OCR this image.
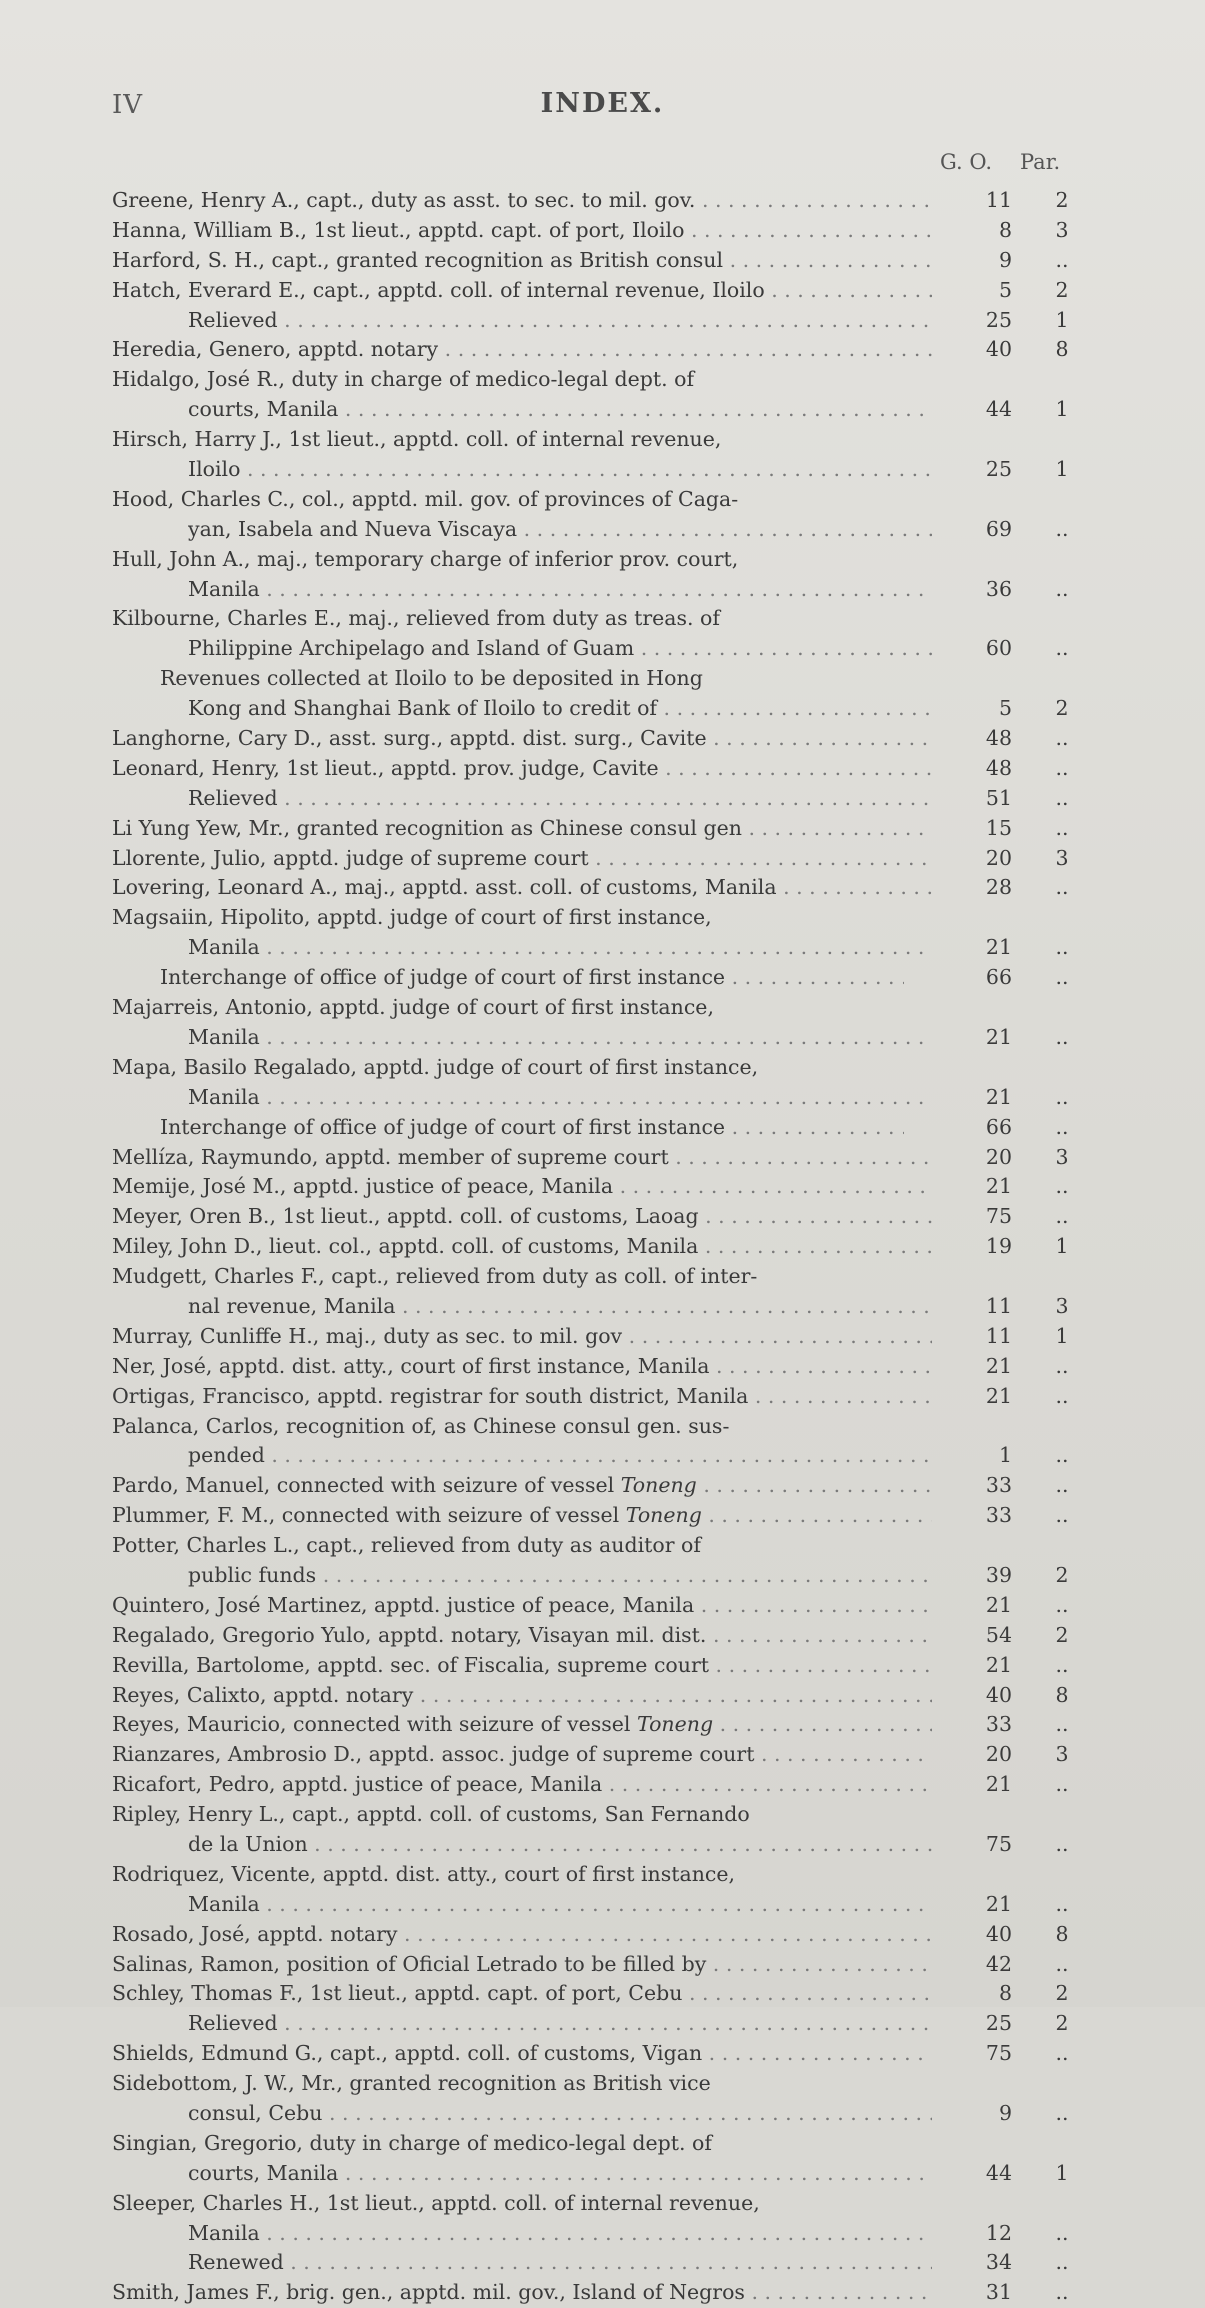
IV	INDEX.
G. O.	Par.
Greene, Henry A., capt., duty as asst. to sec. to mil. gov. . . .	11	2
Hanna, William B., 1st lieut., apptd. capt. of port, Iloilo . . .	8	3
Harford, S. H., capt., granted recognition as British consul . . .	9	..
Hatch, Everard E., capt., apptd. coll. of internal revenue, Iloilo . . .	5	2
Relieved . . .	25	1
Heredia, Genero, apptd. notary . . .	40	8
Hidalgo, José R., duty in charge of medico-legal dept. of
courts, Manila . . .	44	1
Hirsch, Harry J., 1st lieut., apptd. coll. of internal revenue,
Iloilo . . .	25	1
Hood, Charles C., col., apptd. mil. gov. of provinces of Caga-
yan, Isabela and Nueva Viscaya . . .	69	..
Hull, John A., maj., temporary charge of inferior prov. court,
Manila . . .	36	..
Kilbourne, Charles E., maj., relieved from duty as treas. of
Philippine Archipelago and Island of Guam . . .	60	..
Revenues collected at Iloilo to be deposited in Hong
Kong and Shanghai Bank of Iloilo to credit of . . .	5	2
Langhorne, Cary D., asst. surg., apptd. dist. surg., Cavite . . .	48	..
Leonard, Henry, 1st lieut., apptd. prov. judge, Cavite . . .	48	..
Relieved . . .	51	..
Li Yung Yew, Mr., granted recognition as Chinese consul gen . . .	15	..
Llorente, Julio, apptd. judge of supreme court . . .	20	3
Lovering, Leonard A., maj., apptd. asst. coll. of customs, Manila . . .	28	..
Magsaiin, Hipolito, apptd. judge of court of first instance,
Manila . . .	21	..
Interchange of office of judge of court of first instance . . .	66	..
Majarreis, Antonio, apptd. judge of court of first instance,
Manila . . .	21	..
Mapa, Basilo Regalado, apptd. judge of court of first instance,
Manila . . .	21	..
Interchange of office of judge of court of first instance . . .	66	..
Mellíza, Raymundo, apptd. member of supreme court . . .	20	3
Memije, José M., apptd. justice of peace, Manila . . .	21	..
Meyer, Oren B., 1st lieut., apptd. coll. of customs, Laoag . . .	75	..
Miley, John D., lieut. col., apptd. coll. of customs, Manila . . .	19	1
Mudgett, Charles F., capt., relieved from duty as coll. of inter-
nal revenue, Manila . . .	11	3
Murray, Cunliffe H., maj., duty as sec. to mil. gov . . .	11	1
Ner, José, apptd. dist. atty., court of first instance, Manila . . .	21	..
Ortigas, Francisco, apptd. registrar for south district, Manila . . .	21	..
Palanca, Carlos, recognition of, as Chinese consul gen. sus-
pended . . .	1	..
Pardo, Manuel, connected with seizure of vessel Toneng . . .	33	..
Plummer, F. M., connected with seizure of vessel Toneng . . .	33	..
Potter, Charles L., capt., relieved from duty as auditor of
public funds . . .	39	2
Quintero, José Martinez, apptd. justice of peace, Manila . . .	21	..
Regalado, Gregorio Yulo, apptd. notary, Visayan mil. dist. . . .	54	2
Revilla, Bartolome, apptd. sec. of Fiscalia, supreme court . . .	21	..
Reyes, Calixto, apptd. notary . . .	40	8
Reyes, Mauricio, connected with seizure of vessel Toneng . . .	33	..
Rianzares, Ambrosio D., apptd. assoc. judge of supreme court . . .	20	3
Ricafort, Pedro, apptd. justice of peace, Manila . . .	21	..
Ripley, Henry L., capt., apptd. coll. of customs, San Fernando
de la Union . . .	75	..
Rodriquez, Vicente, apptd. dist. atty., court of first instance,
Manila . . .	21	..
Rosado, José, apptd. notary . . .	40	8
Salinas, Ramon, position of Oficial Letrado to be filled by . . .	42	..
Schley, Thomas F., 1st lieut., apptd. capt. of port, Cebu . . .	8	2
Relieved . . .	25	2
Shields, Edmund G., capt., apptd. coll. of customs, Vigan . . .	75	..
Sidebottom, J. W., Mr., granted recognition as British vice
consul, Cebu . . .	9	..
Singian, Gregorio, duty in charge of medico-legal dept. of
courts, Manila . . .	44	1
Sleeper, Charles H., 1st lieut., apptd. coll. of internal revenue,
Manila . . .	12	..
Renewed . . .	34	..
Smith, James F., brig. gen., apptd. mil. gov., Island of Negros . . .	31	..
